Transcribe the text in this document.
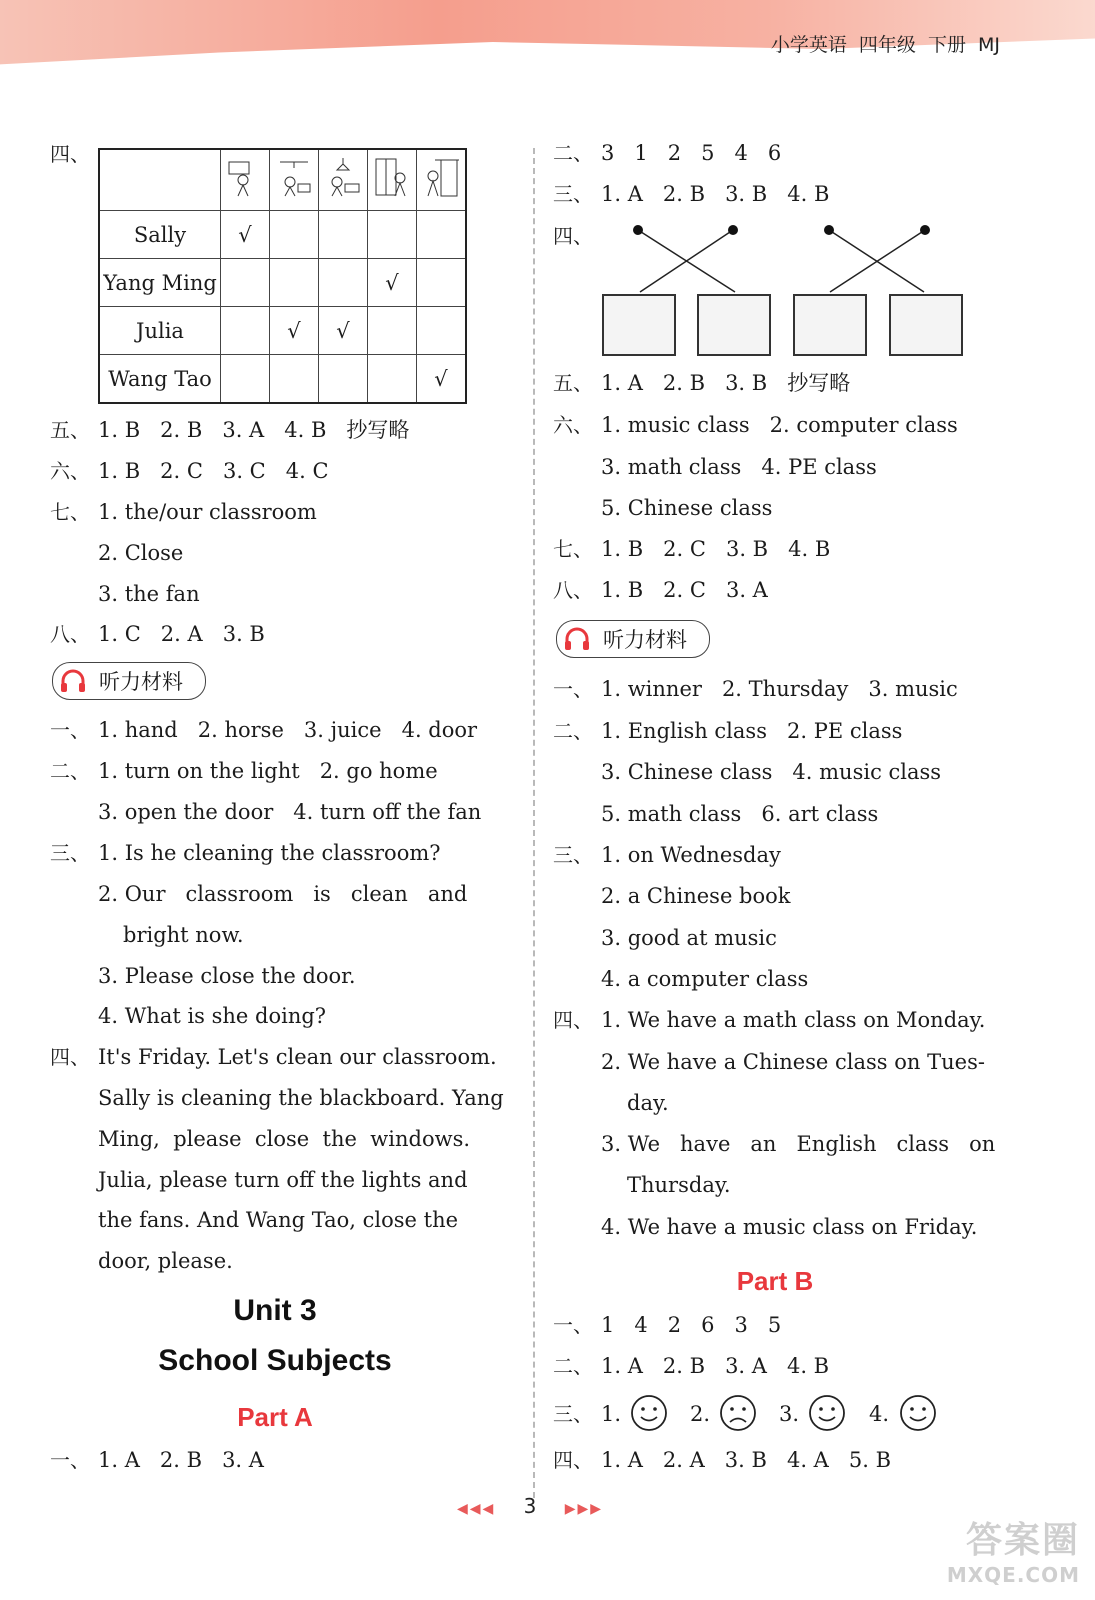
小学英语 四年级 下册 MJ
四、

Sally	√				
Yang Ming				√	
Julia		√	√		
Wang Tao					√
五、 1. B   2. B   3. A   4. B   抄写略
六、 1. B   2. C   3. C   4. C
七、 1. the/our classroom
2. Close
3. the fan
八、 1. C   2. A   3. B
听力材料
一、 1. hand   2. horse   3. juice   4. door
二、 1. turn on the light   2. go home
3. open the door   4. turn off the fan
三、 1. Is he cleaning the classroom?
2. Our   classroom   is   clean   and
bright now.
3. Please close the door.
4. What is she doing?
四、 It's Friday. Let's clean our classroom.
Sally is cleaning the blackboard. Yang
Ming,  please  close  the  windows.
Julia, please turn off the lights and
the fans. And Wang Tao, close the
door, please.
Unit 3
School Subjects
Part A
一、 1. A   2. B   3. A
二、 3   1   2   5   4   6
三、 1. A   2. B   3. B   4. B
四、
五、 1. A   2. B   3. B   抄写略
六、 1. music class   2. computer class
3. math class   4. PE class
5. Chinese class
七、 1. B   2. C   3. B   4. B
八、 1. B   2. C   3. A
听力材料
一、 1. winner   2. Thursday   3. music
二、 1. English class   2. PE class
3. Chinese class   4. music class
5. math class   6. art class
三、 1. on Wednesday
2. a Chinese book
3. good at music
4. a computer class
四、 1. We have a math class on Monday.
2. We have a Chinese class on Tues-
day.
3. We   have   an   English   class   on
Thursday.
4. We have a music class on Friday.
Part B
一、 1   4   2   6   3   5
二、 1. A   2. B   3. A   4. B
三、 1.	2.	3.	4.
四、 1. A   2. A   3. B   4. A   5. B
◀◀◀ 3 ▶▶▶
答案圈
MXQE.COM
